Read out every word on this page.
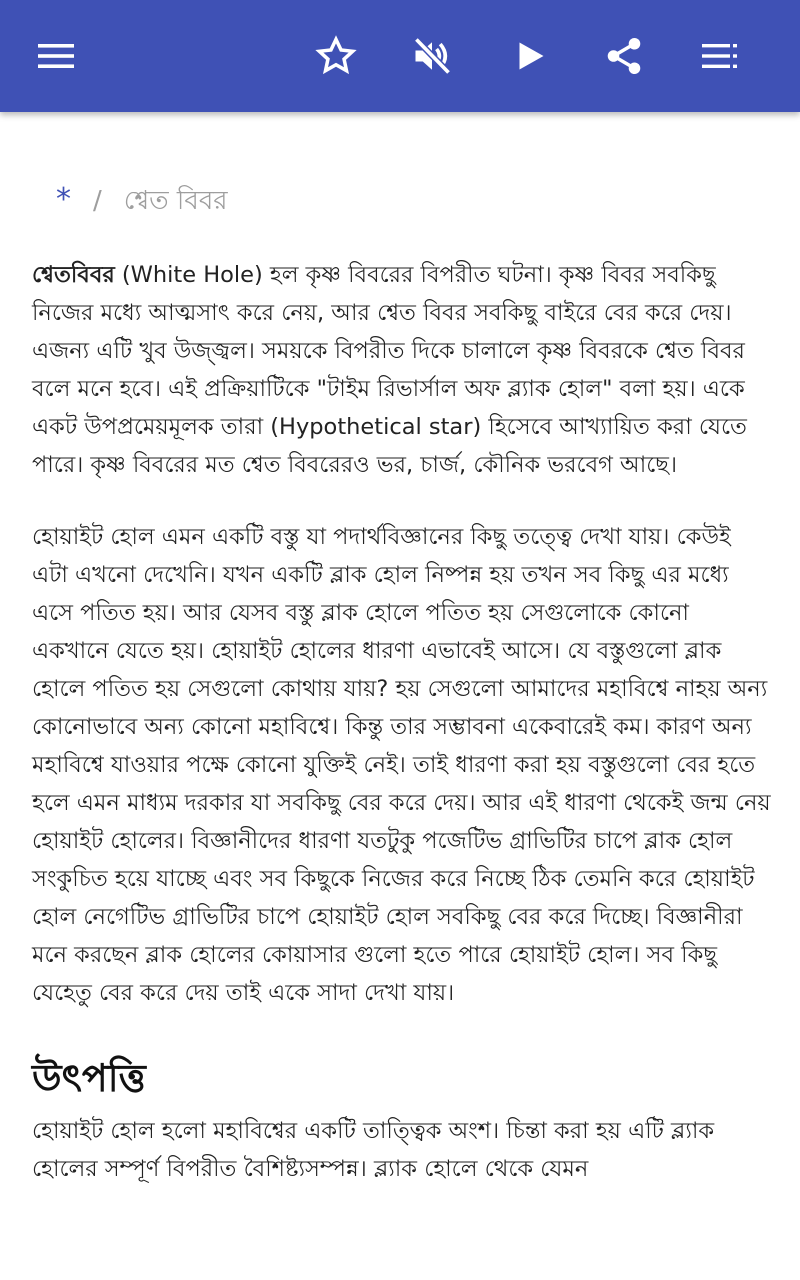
* / শ্বেত বিবর

শ্বেতবিবর (White Hole) হল কৃষ্ণ বিবরের বিপরীত ঘটনা। কৃষ্ণ বিবর সবকিছু নিজের মধ্যে আত্মসাৎ করে নেয়, আর শ্বেত বিবর সবকিছু বাইরে বের করে দেয়। এজন্য এটি খুব উজ্জ্বল। সময়কে বিপরীত দিকে চালালে কৃষ্ণ বিবরকে শ্বেত বিবর বলে মনে হবে। এই প্রক্রিয়াটিকে "টাইম রিভার্সাল অফ ব্ল্যাক হোল" বলা হয়। একে একট উপপ্রমেয়মূলক তারা (Hypothetical star) হিসেবে আখ্যায়িত করা যেতে পারে। কৃষ্ণ বিবরের মত শ্বেত বিবরেরও ভর, চার্জ, কৌনিক ভরবেগ আছে।

হোয়াইট হোল এমন একটি বস্তু যা পদার্থবিজ্ঞানের কিছু তত্ত্বে দেখা যায়। কেউই এটা এখনো দেখেনি। যখন একটি ব্লাক হোল নিষ্পন্ন হয় তখন সব কিছু এর মধ্যে এসে পতিত হয়। আর যেসব বস্তু ব্লাক হোলে পতিত হয় সেগুলোকে কোনো একখানে যেতে হয়। হোয়াইট হোলের ধারণা এভাবেই আসে। যে বস্তুগুলো ব্লাক হোলে পতিত হয় সেগুলো কোথায় যায়? হয় সেগুলো আমাদের মহাবিশ্বে নাহয় অন্য কোনোভাবে অন্য কোনো মহাবিশ্বে। কিন্তু তার সম্ভাবনা একেবারেই কম। কারণ অন্য মহাবিশ্বে যাওয়ার পক্ষে কোনো যুক্তিই নেই। তাই ধারণা করা হয় বস্তুগুলো বের হতে হলে এমন মাধ্যম দরকার যা সবকিছু বের করে দেয়। আর এই ধারণা থেকেই জন্ম নেয় হোয়াইট হোলের। বিজ্ঞানীদের ধারণা যতটুকু পজেটিভ গ্রাভিটির চাপে ব্লাক হোল সংকুচিত হয়ে যাচ্ছে এবং সব কিছুকে নিজের করে নিচ্ছে ঠিক তেমনি করে হোয়াইট হোল নেগেটিভ গ্রাভিটির চাপে হোয়াইট হোল সবকিছু বের করে দিচ্ছে। বিজ্ঞানীরা মনে করছেন ব্লাক হোলের কোয়াসার গুলো হতে পারে হোয়াইট হোল। সব কিছু যেহেতু বের করে দেয় তাই একে সাদা দেখা যায়।

উৎপত্তি

হোয়াইট হোল হলো মহাবিশ্বের একটি তাত্ত্বিক অংশ। চিন্তা করা হয় এটি ব্ল্যাক হোলের সম্পূর্ণ বিপরীত বৈশিষ্ট্যসম্পন্ন। ব্ল্যাক হোলে থেকে যেমন
